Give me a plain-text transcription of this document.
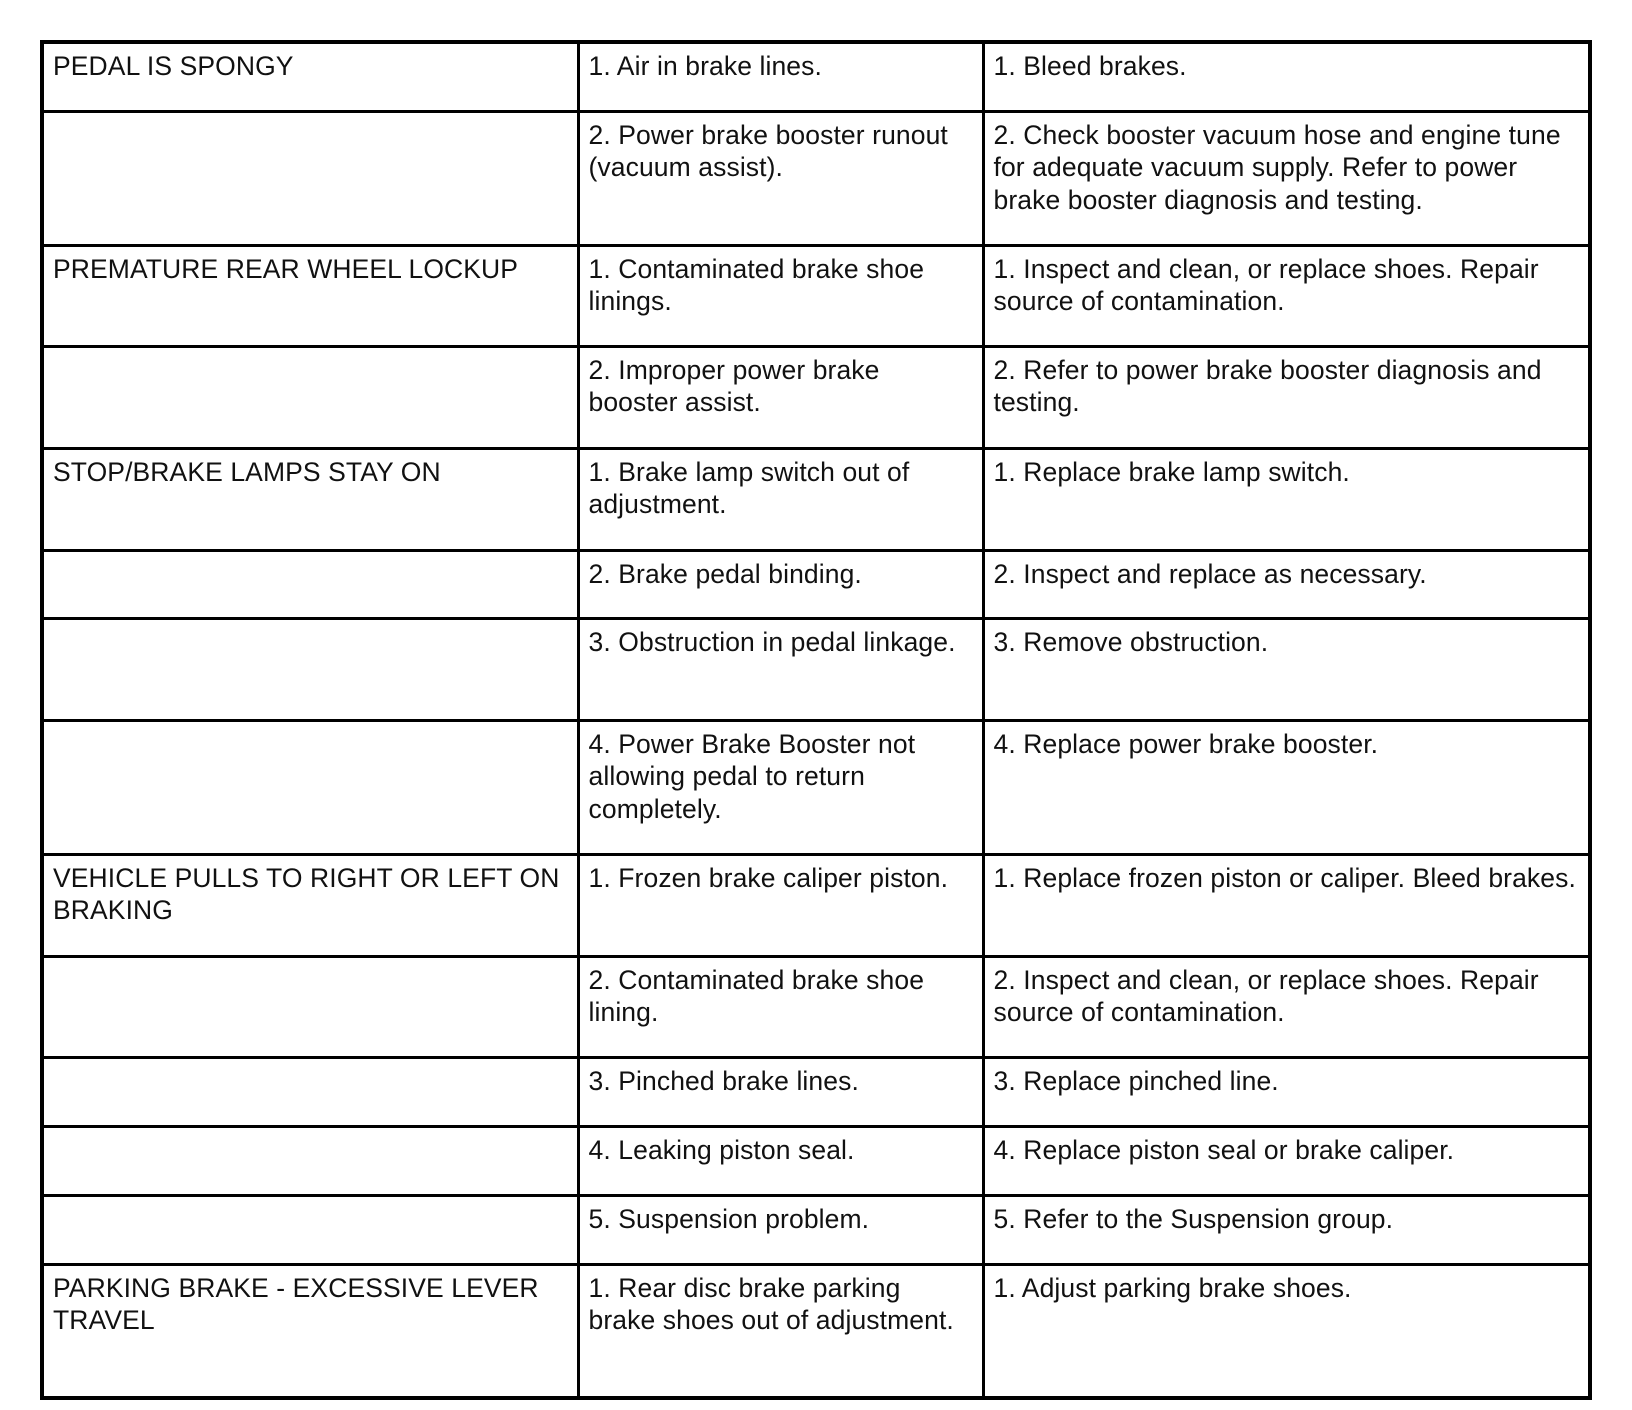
PEDAL IS SPONGY	1. Air in brake lines.	1. Bleed brakes.
	2. Power brake booster runout (vacuum assist).	2. Check booster vacuum hose and engine tune for adequate vacuum supply. Refer to power brake booster diagnosis and testing.
PREMATURE REAR WHEEL LOCKUP	1. Contaminated brake shoe linings.	1. Inspect and clean, or replace shoes. Repair source of contamination.
	2. Improper power brake booster assist.	2. Refer to power brake booster diagnosis and testing.
STOP/BRAKE LAMPS STAY ON	1. Brake lamp switch out of adjustment.	1. Replace brake lamp switch.
	2. Brake pedal binding.	2. Inspect and replace as necessary.
	3. Obstruction in pedal linkage.	3. Remove obstruction.
	4. Power Brake Booster not allowing pedal to return completely.	4. Replace power brake booster.
VEHICLE PULLS TO RIGHT OR LEFT ON BRAKING	1. Frozen brake caliper piston.	1. Replace frozen piston or caliper. Bleed brakes.
	2. Contaminated brake shoe lining.	2. Inspect and clean, or replace shoes. Repair source of contamination.
	3. Pinched brake lines.	3. Replace pinched line.
	4. Leaking piston seal.	4. Replace piston seal or brake caliper.
	5. Suspension problem.	5. Refer to the Suspension group.
PARKING BRAKE - EXCESSIVE LEVER TRAVEL	1. Rear disc brake parking brake shoes out of adjustment.	1. Adjust parking brake shoes.
